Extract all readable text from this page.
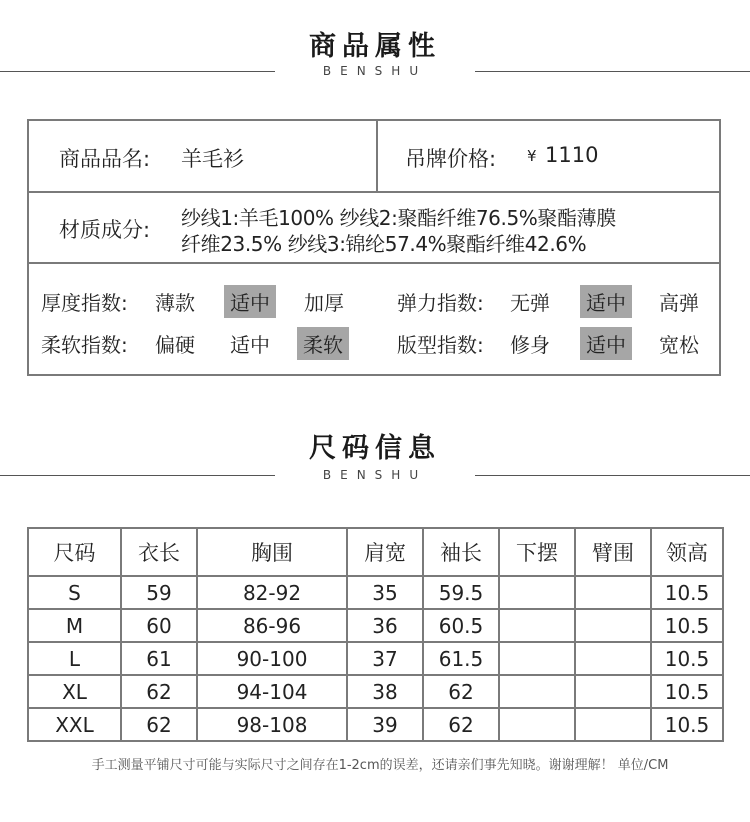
商品属性
BENSHU
商品品名: 羊毛衫	吊牌价格: ¥ 1110
材质成分: 纱线1:羊毛100% 纱线2:聚酯纤维76.5%聚酯薄膜
纤维23.5% 纱线3:锦纶57.4%聚酯纤维42.6%
厚度指数: 薄款	适中	加厚	弹力指数: 无弹	适中	高弹
柔软指数: 偏硬 适中	柔软	版型指数: 修身	适中	宽松
尺码信息
BENSHU
尺码	衣长	胸围	肩宽	袖长	下摆	臂围	领高
S	59	82-92	35	59.5			10.5
M	60	86-96	36	60.5			10.5
L	61	90-100	37	61.5			10.5
XL	62	94-104	38	62			10.5
XXL	62	98-108	39	62			10.5
手工测量平铺尺寸可能与实际尺寸之间存在1-2cm的误差，还请亲们事先知晓。谢谢理解！ 单位/CM
